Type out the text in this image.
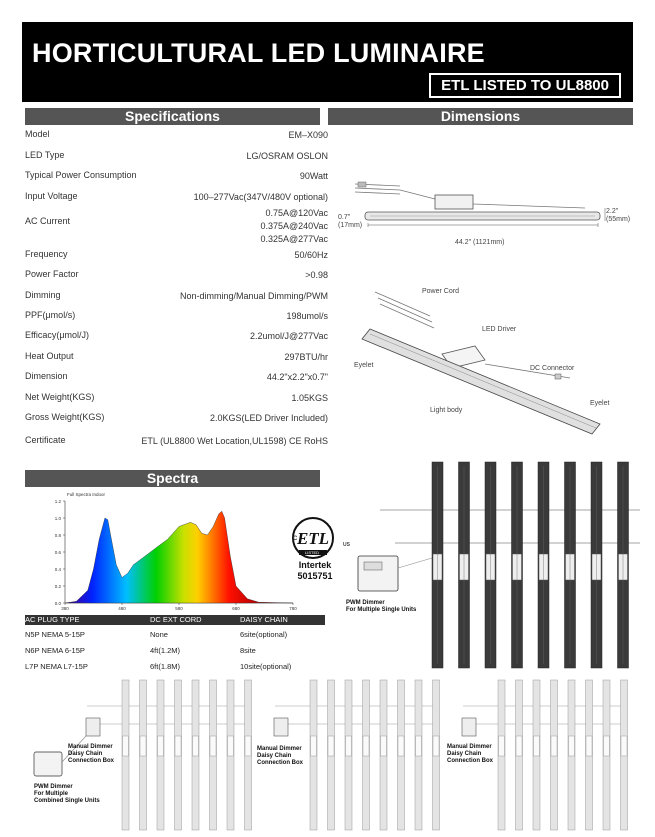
HORTICULTURAL LED LUMINAIRE
ETL LISTED TO UL8800
Specifications	Dimensions
Spectra
Model	EM–X090
LED Type	LG/OSRAM OSLON
Typical Power Consumption	90Watt
Input Voltage	100–277Vac(347V/480V optional)
AC Current
0.75A@120Vac
0.375A@240Vac
0.325A@277Vac
Frequency	50/60Hz
Power Factor	>0.98
Dimming	Non-dimming/Manual Dimming/PWM
PPF(μmol/s)	198umol/s
Efficacy(μmol/J)	2.2umol/J@277Vac
Heat Output	297BTU/hr
Dimension	44.2"x2.2"x0.7"
Net Weight(KGS)	1.05KGS
Gross Weight(KGS)	2.0KGS(LED Driver Included)
Certificate	ETL (UL8800 Wet Location,UL1598) CE RoHS
0.7"
(17mm)
2.2"
(55mm)
44.2" (1121mm)
Power Cord
LED Driver
Eyelet	DC Connector
Light body
Eyelet
0.0
0.2
0.4
0.6
0.8
1.0
1.2
380	480	580	680	780
Full Spectra Indoor
AC PLUG TYPE	DC EXT CORD	DAISY CHAIN
N5P NEMA 5-15P	None	6site(optional)
N6P NEMA 6-15P	4ft(1.2M)	8site
L7P NEMA L7-15P	6ft(1.8M)	10site(optional)
ETL
C
US
LISTED
Intertek
5015751
PWM Dimmer
For Multiple Single Units
Manual Dimmer
Daisy Chain
Connection Box
Manual Dimmer
Daisy Chain
Connection Box
Manual Dimmer
Daisy Chain
Connection Box
PWM Dimmer
For Multiple
Combined Single Units
